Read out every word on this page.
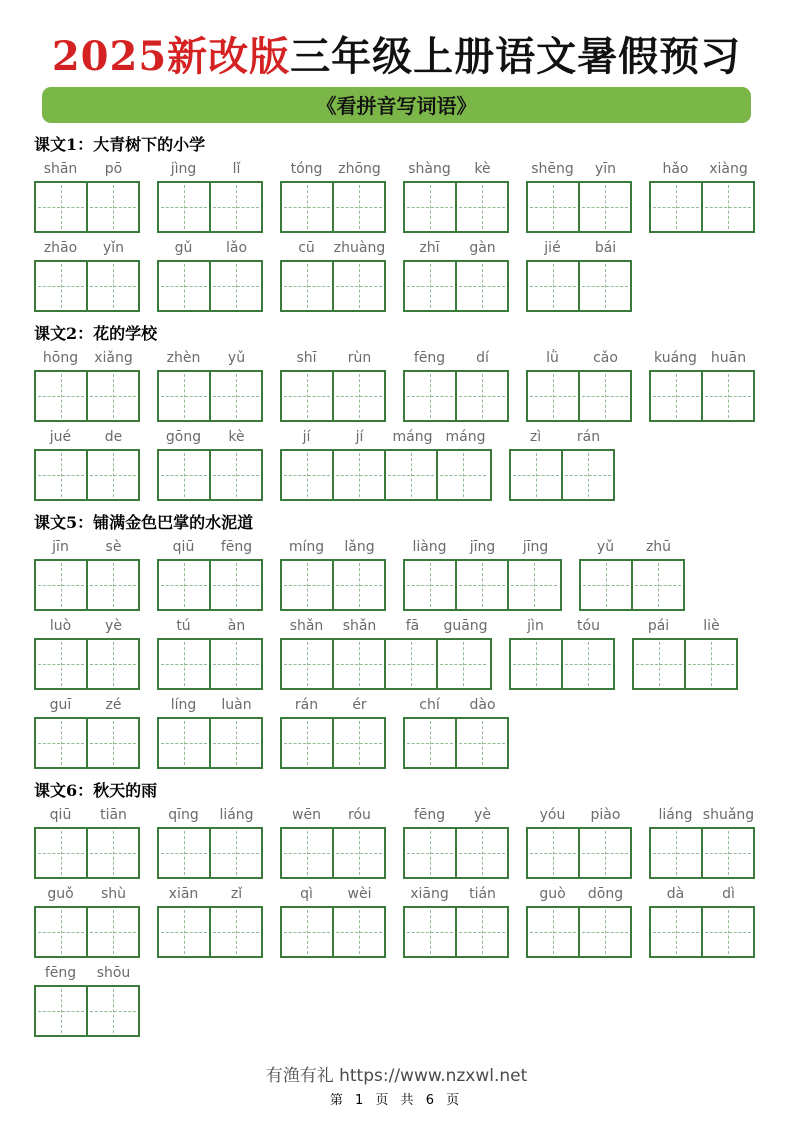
2025新改版三年级上册语文暑假预习
《看拼音写词语》
课文1：大青树下的小学
shān	pō	jìng	lǐ	tóng	zhōng	shàng	kè	shēng	yīn	hǎo	xiàng
zhāo	yǐn	gǔ	lǎo	cū	zhuàng	zhī	gàn	jié	bái
课文2：花的学校
hōng	xiǎng	zhèn	yǔ	shī	rùn	fēng	dí	lǜ	cǎo	kuáng huān
jué	de	gōng	kè	jí	jí	máng máng	zì	rán
课文5：铺满金色巴掌的水泥道
jīn	sè	qiū	fēng	míng	lǎng	liàng	jīng	jīng	yǔ	zhū
luò	yè	tú	àn	shǎn	shǎn	fā	guāng	jìn	tóu	pái	liè
guī	zé	líng	luàn	rán	ér	chí	dào
课文6：秋天的雨
qiū	tiān	qīng	liáng	wēn	róu	fēng	yè	yóu	piào	liáng shuǎng
guǒ	shù	xiān	zǐ	qì	wèi	xiāng	tián	guò	dōng	dà	dì
fēng	shōu
有渔有礼 https://www.nzxwl.net
第 1 页 共 6 页
